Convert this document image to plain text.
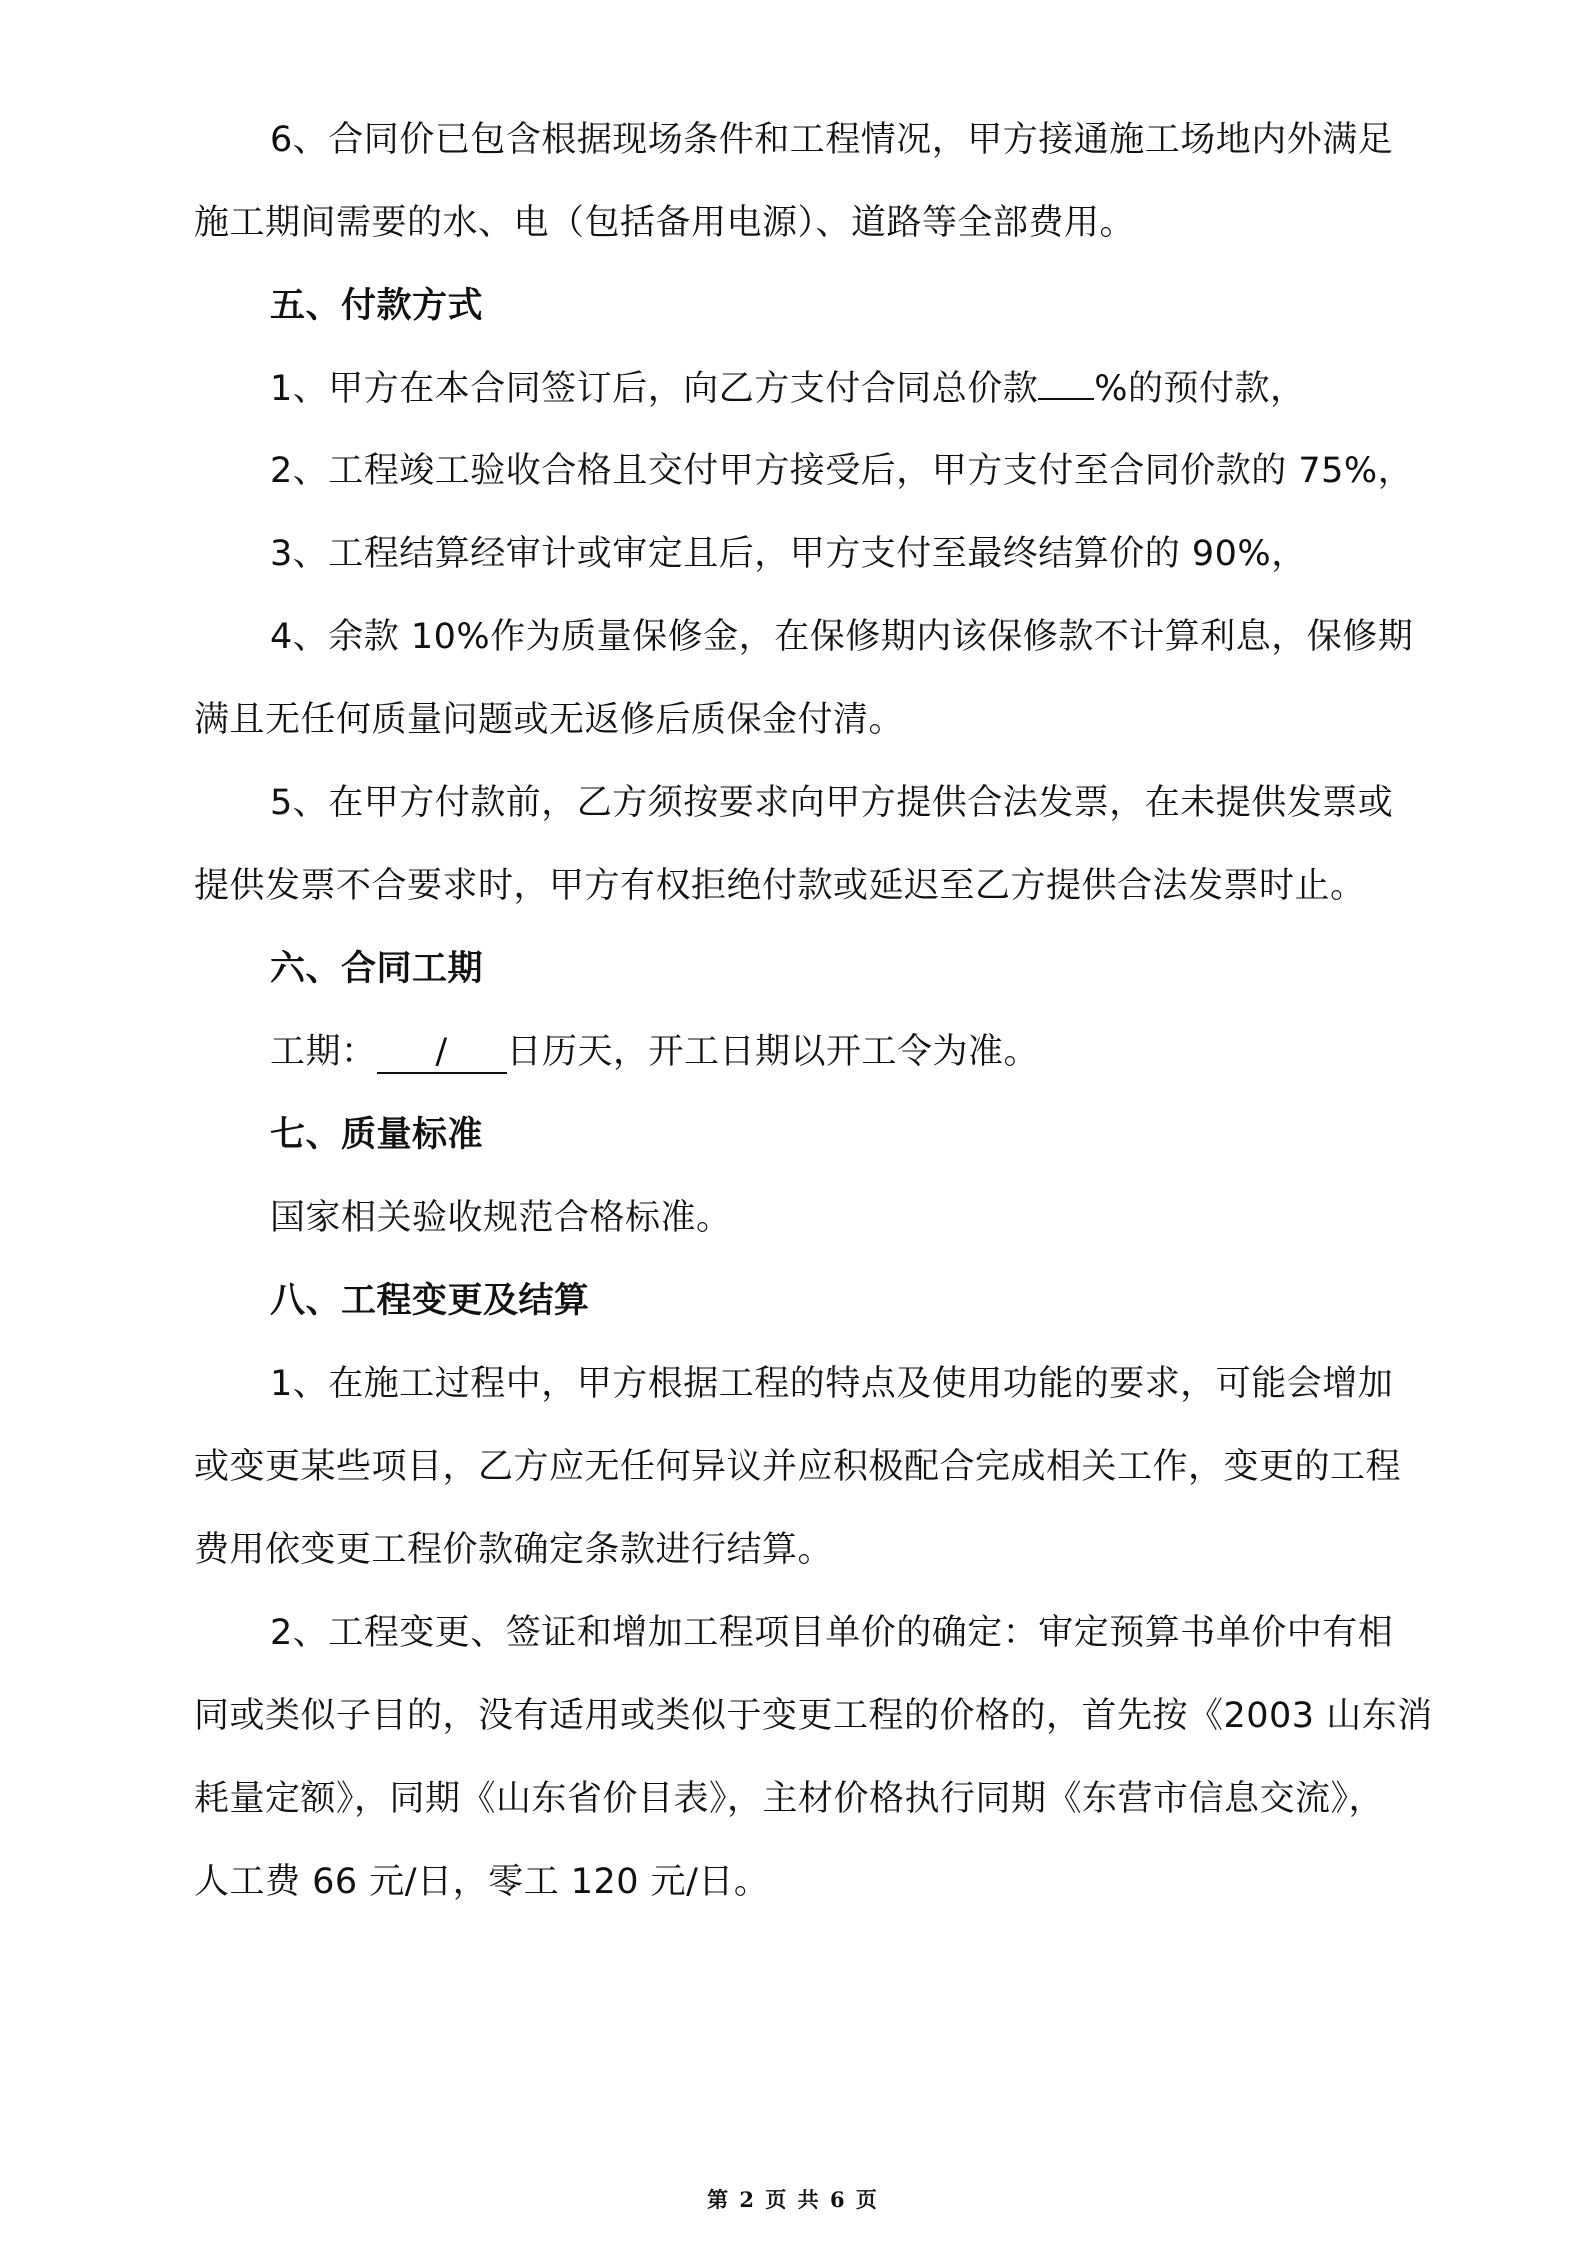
6、合同价已包含根据现场条件和工程情况，甲方接通施工场地内外满足
施工期间需要的水、电（包括备用电源）、道路等全部费用。
五、付款方式
1、甲方在本合同签订后，向乙方支付合同总价款 %的预付款，
2、工程竣工验收合格且交付甲方接受后，甲方支付至合同价款的 75%，
3、工程结算经审计或审定且后，甲方支付至最终结算价的 90%，
4、余款 10%作为质量保修金，在保修期内该保修款不计算利息，保修期
满且无任何质量问题或无返修后质保金付清。
5、在甲方付款前，乙方须按要求向甲方提供合法发票，在未提供发票或
提供发票不合要求时，甲方有权拒绝付款或延迟至乙方提供合法发票时止。
六、合同工期
工期： / 日历天，开工日期以开工令为准。
七、质量标准
国家相关验收规范合格标准。
八、工程变更及结算
1、在施工过程中，甲方根据工程的特点及使用功能的要求，可能会增加
或变更某些项目，乙方应无任何异议并应积极配合完成相关工作，变更的工程
费用依变更工程价款确定条款进行结算。
2、工程变更、签证和增加工程项目单价的确定：审定预算书单价中有相
同或类似子目的，没有适用或类似于变更工程的价格的，首先按《2003 山东消
耗量定额》，同期《山东省价目表》，主材价格执行同期《东营市信息交流》，
人工费 66 元/日，零工 120 元/日。
第 2 页 共 6 页
